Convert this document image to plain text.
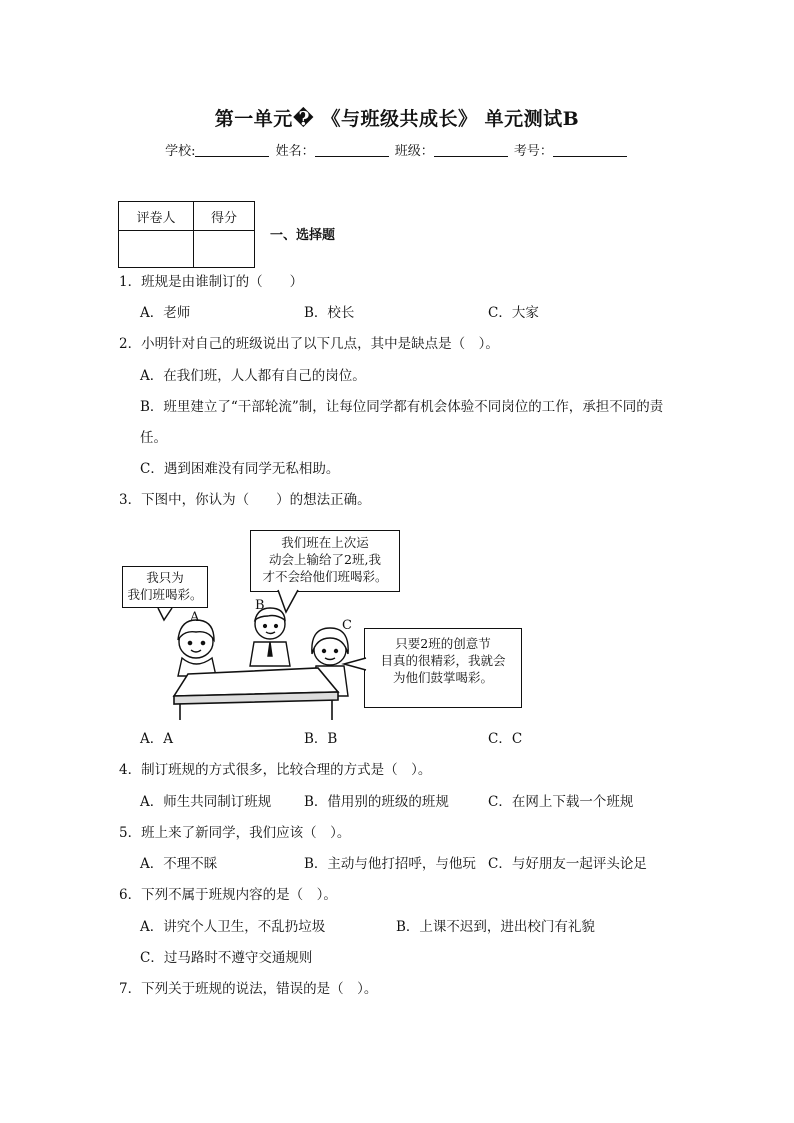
第一单元� 《与班级共成长》 单元测试B
学校:	姓名：	班级：	考号：
评卷人	得分

一、选择题
1．班规是由谁制订的（　　）
A．老师	B．校长	C．大家
2．小明针对自己的班级说出了以下几点，其中是缺点是（　）。
A．在我们班，人人都有自己的岗位。
B．班里建立了“干部轮流”制，让每位同学都有机会体验不同岗位的工作，承担不同的责
任。
C．遇到困难没有同学无私相助。
3．下图中，你认为（　　）的想法正确。
我只为
我们班喝彩。
我们班在上次运
动会上输给了2班,我
才不会给他们班喝彩。
只要2班的创意节
目真的很精彩，我就会
为他们鼓掌喝彩。
A
B
C
A．A	B．B	C．C
4．制订班规的方式很多，比较合理的方式是（　）。
A．师生共同制订班规 B．借用别的班级的班规	C．在网上下载一个班规
5．班上来了新同学，我们应该（　）。
A．不理不睬	B．主动与他打招呼，与他玩 C．与好朋友一起评头论足
6．下列不属于班规内容的是（　）。
A．讲究个人卫生，不乱扔垃圾	B．上课不迟到，进出校门有礼貌
C．过马路时不遵守交通规则
7．下列关于班规的说法，错误的是（　）。
